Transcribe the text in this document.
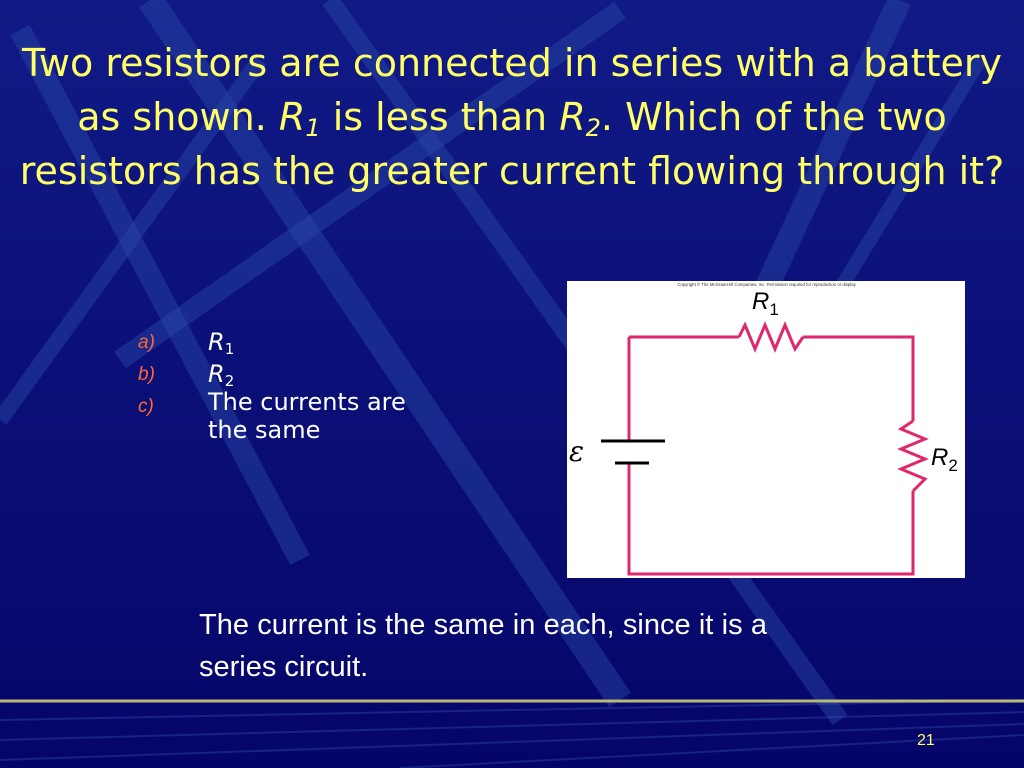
Two resistors are connected in series with a battery as shown. $R_1$ is less than $R_2$. Which of the two resistors has the greater current flowing through it?
a) $R_1$
b) $R_2$
c) The currents are the same
Copyright © The McGraw-Hill Companies, Inc. Permission required for reproduction or display.
$R_1$
$R_2$
ε
The current is the same in each, since it is a series circuit.
21
